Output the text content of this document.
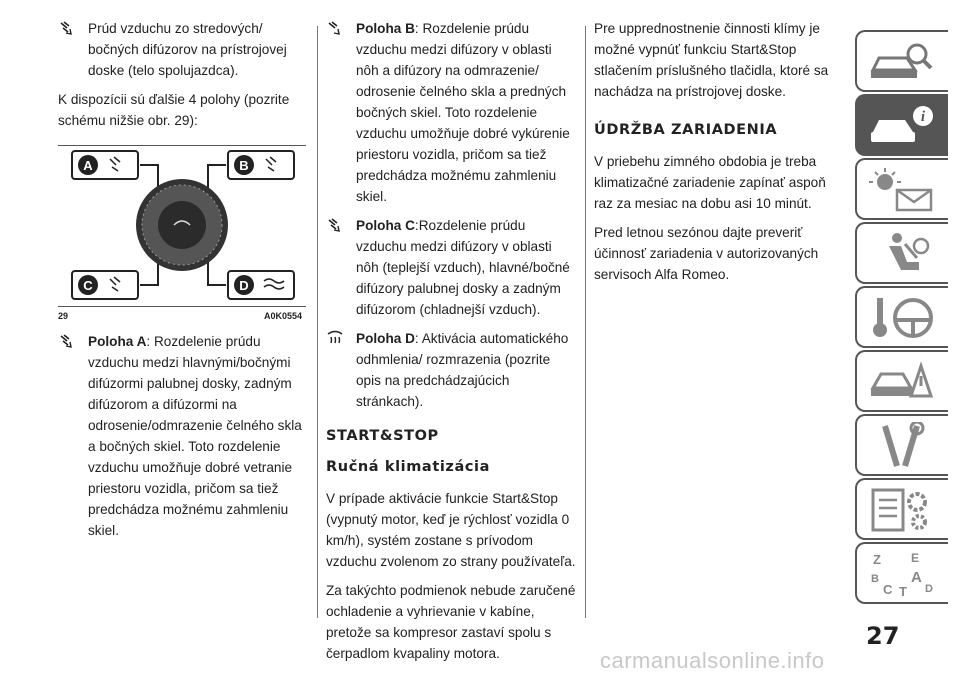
Prúd vzduchu zo stredových/ bočných difúzorov na prístrojovej doske (telo spolujazdca).

K dispozícii sú ďalšie 4 polohy (pozrite schému nižšie obr. 29):

A	B
C	D
29	A0K0554
Poloha A: Rozdelenie prúdu vzduchu medzi hlavnými/bočnými difúzormi palubnej dosky, zadným difúzorom a difúzormi na odrosenie/odmrazenie čelného skla a bočných skiel. Toto rozdelenie vzduchu umožňuje dobré vetranie priestoru vozidla, pričom sa tiež predchádza možnému zahmleniu skiel.
Poloha B: Rozdelenie prúdu vzduchu medzi difúzory v oblasti nôh a difúzory na odmrazenie/ odrosenie čelného skla a predných bočných skiel. Toto rozdelenie vzduchu umožňuje dobré vykúrenie priestoru vozidla, pričom sa tiež predchádza možnému zahmleniu skiel.
Poloha C:Rozdelenie prúdu vzduchu medzi difúzory v oblasti nôh (teplejší vzduch), hlavné/bočné difúzory palubnej dosky a zadným difúzorom (chladnejší vzduch).
Poloha D: Aktivácia automatického odhmlenia/ rozmrazenia (pozrite opis na predchádzajúcich stránkach).
START&STOP
Ručná klimatizácia

V prípade aktivácie funkcie Start&Stop (vypnutý motor, keď je rýchlosť vozidla 0 km/h), systém zostane s prívodom vzduchu zvolenom zo strany používateľa.

Za takýchto podmienok nebude zaručené ochladenie a vyhrievanie v kabíne, pretože sa kompresor zastaví spolu s čerpadlom kvapaliny motora.

Pre upprednostnenie činnosti klímy je možné vypnúť funkciu Start&Stop stlačením príslušného tlačidla, ktoré sa nachádza na prístrojovej doske.

ÚDRŽBA ZARIADENIA

V priebehu zimného obdobia je treba klimatizačné zariadenie zapínať aspoň raz za mesiac na dobu asi 10 minút.

Pred letnou sezónou dajte preveriť účinnosť zariadenia v autorizovaných servisoch Alfa Romeo.

i
Z	E
B A
C T D
27
carmanualsonline.info
